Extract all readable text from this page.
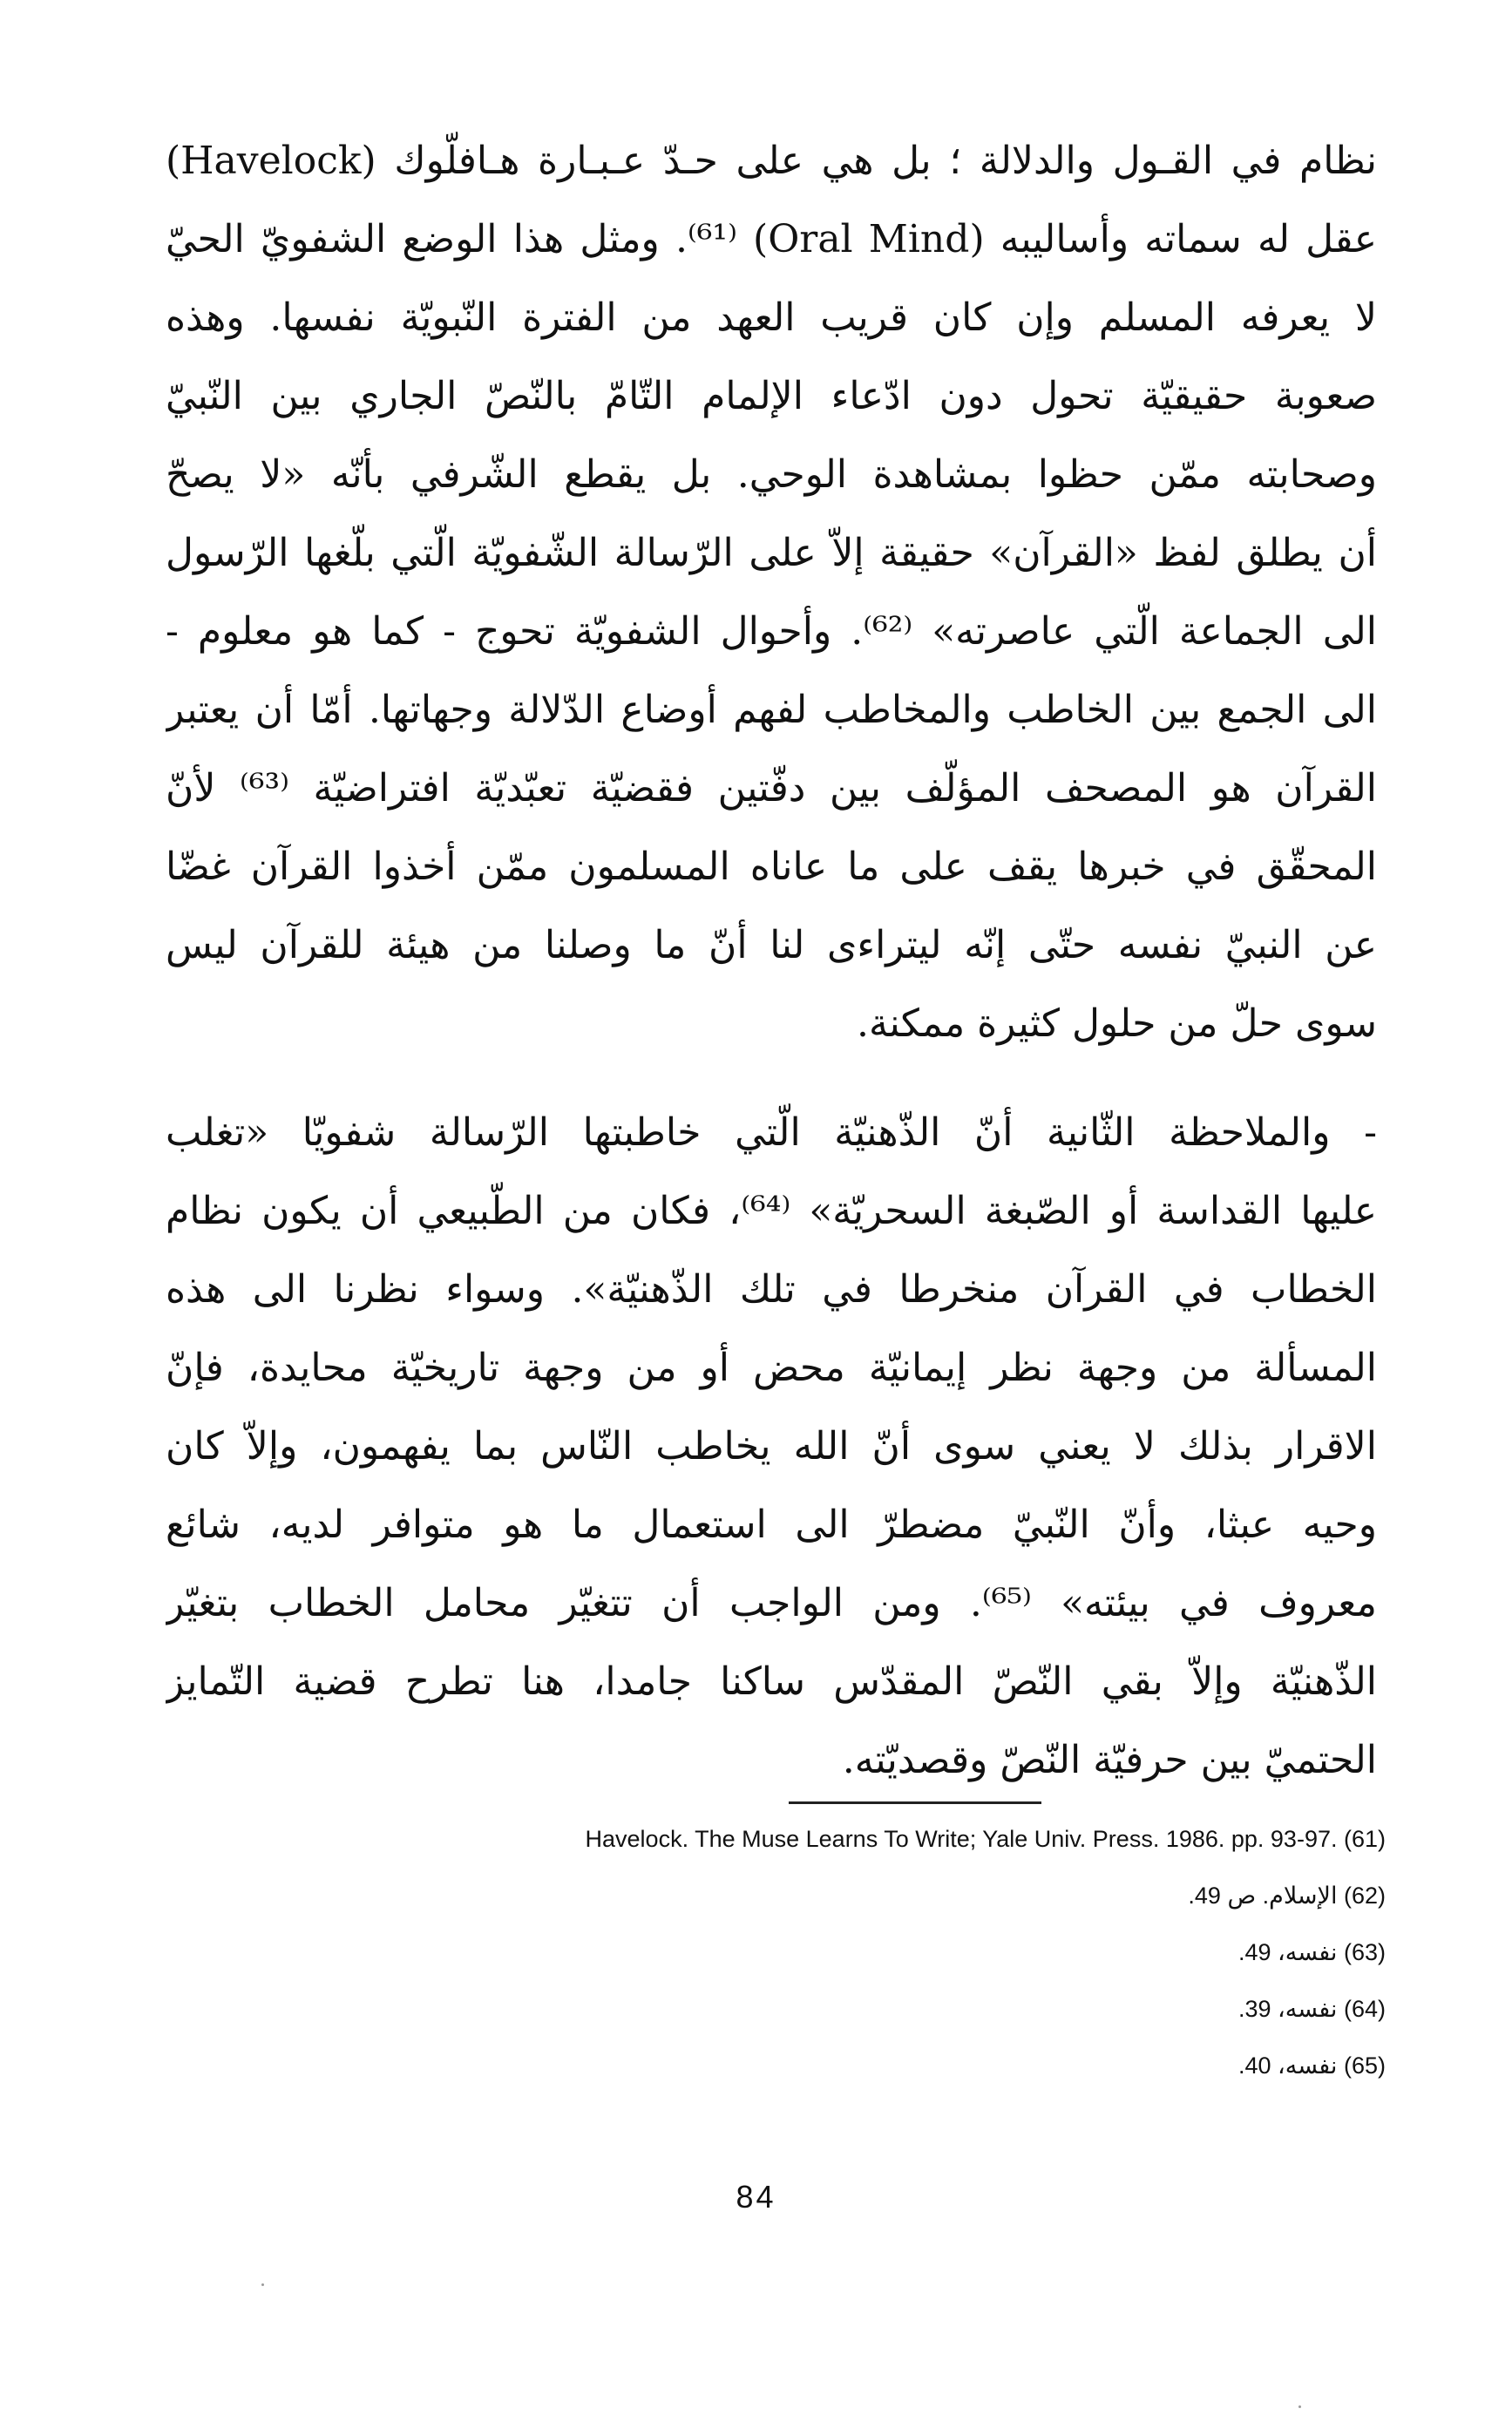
نظام في القـول والدلالة ؛ بل هي على حـدّ عـبـارة هـافلّوك (Havelock)
عقل له سماته وأساليبه (Oral Mind) ⁽⁶¹⁾. ومثل هذا الوضع الشفويّ الحيّ
لا يعرفه المسلم وإن كان قريب العهد من الفترة النّبويّة نفسها. وهذه
صعوبة حقيقيّة تحول دون ادّعاء الإلمام التّامّ بالنّصّ الجاري بين النّبيّ
وصحابته ممّن حظوا بمشاهدة الوحي. بل يقطع الشّرفي بأنّه «لا يصحّ
أن يطلق لفظ «القرآن» حقيقة إلاّ على الرّسالة الشّفويّة الّتي بلّغها الرّسول
الى الجماعة الّتي عاصرته» ⁽⁶²⁾. وأحوال الشفويّة تحوج - كما هو معلوم -
الى الجمع بين الخاطب والمخاطب لفهم أوضاع الدّلالة وجهاتها. أمّا أن يعتبر
القرآن هو المصحف المؤلّف بين دفّتين فقضيّة تعبّديّة افتراضيّة ⁽⁶³⁾ لأنّ
المحقّق في خبرها يقف على ما عاناه المسلمون ممّن أخذوا القرآن غضّا
عن النبيّ نفسه حتّى إنّه ليتراءى لنا أنّ ما وصلنا من هيئة للقرآن ليس
سوى حلّ من حلول كثيرة ممكنة.
- والملاحظة الثّانية أنّ الذّهنيّة الّتي خاطبتها الرّسالة شفويّا «تغلب
عليها القداسة أو الصّبغة السحريّة» ⁽⁶⁴⁾، فكان من الطّبيعي أن يكون نظام
الخطاب في القرآن منخرطا في تلك الذّهنيّة». وسواء نظرنا الى هذه
المسألة من وجهة نظر إيمانيّة محض أو من وجهة تاريخيّة محايدة، فإنّ
الاقرار بذلك لا يعني سوى أنّ الله يخاطب النّاس بما يفهمون، وإلاّ كان
وحيه عبثا، وأنّ النّبيّ مضطرّ الى استعمال ما هو متوافر لديه، شائع
معروف في بيئته» ⁽⁶⁵⁾. ومن الواجب أن تتغيّر محامل الخطاب بتغيّر
الذّهنيّة وإلاّ بقي النّصّ المقدّس ساكنا جامدا، هنا تطرح قضية التّمايز
الحتميّ بين حرفيّة النّصّ وقصديّته.
Havelock. The Muse Learns To Write; Yale Univ. Press. 1986. pp. 93-97. (61)
(62) الإسلام. ص 49.
(63) نفسه، 49.
(64) نفسه، 39.
(65) نفسه، 40.
84
